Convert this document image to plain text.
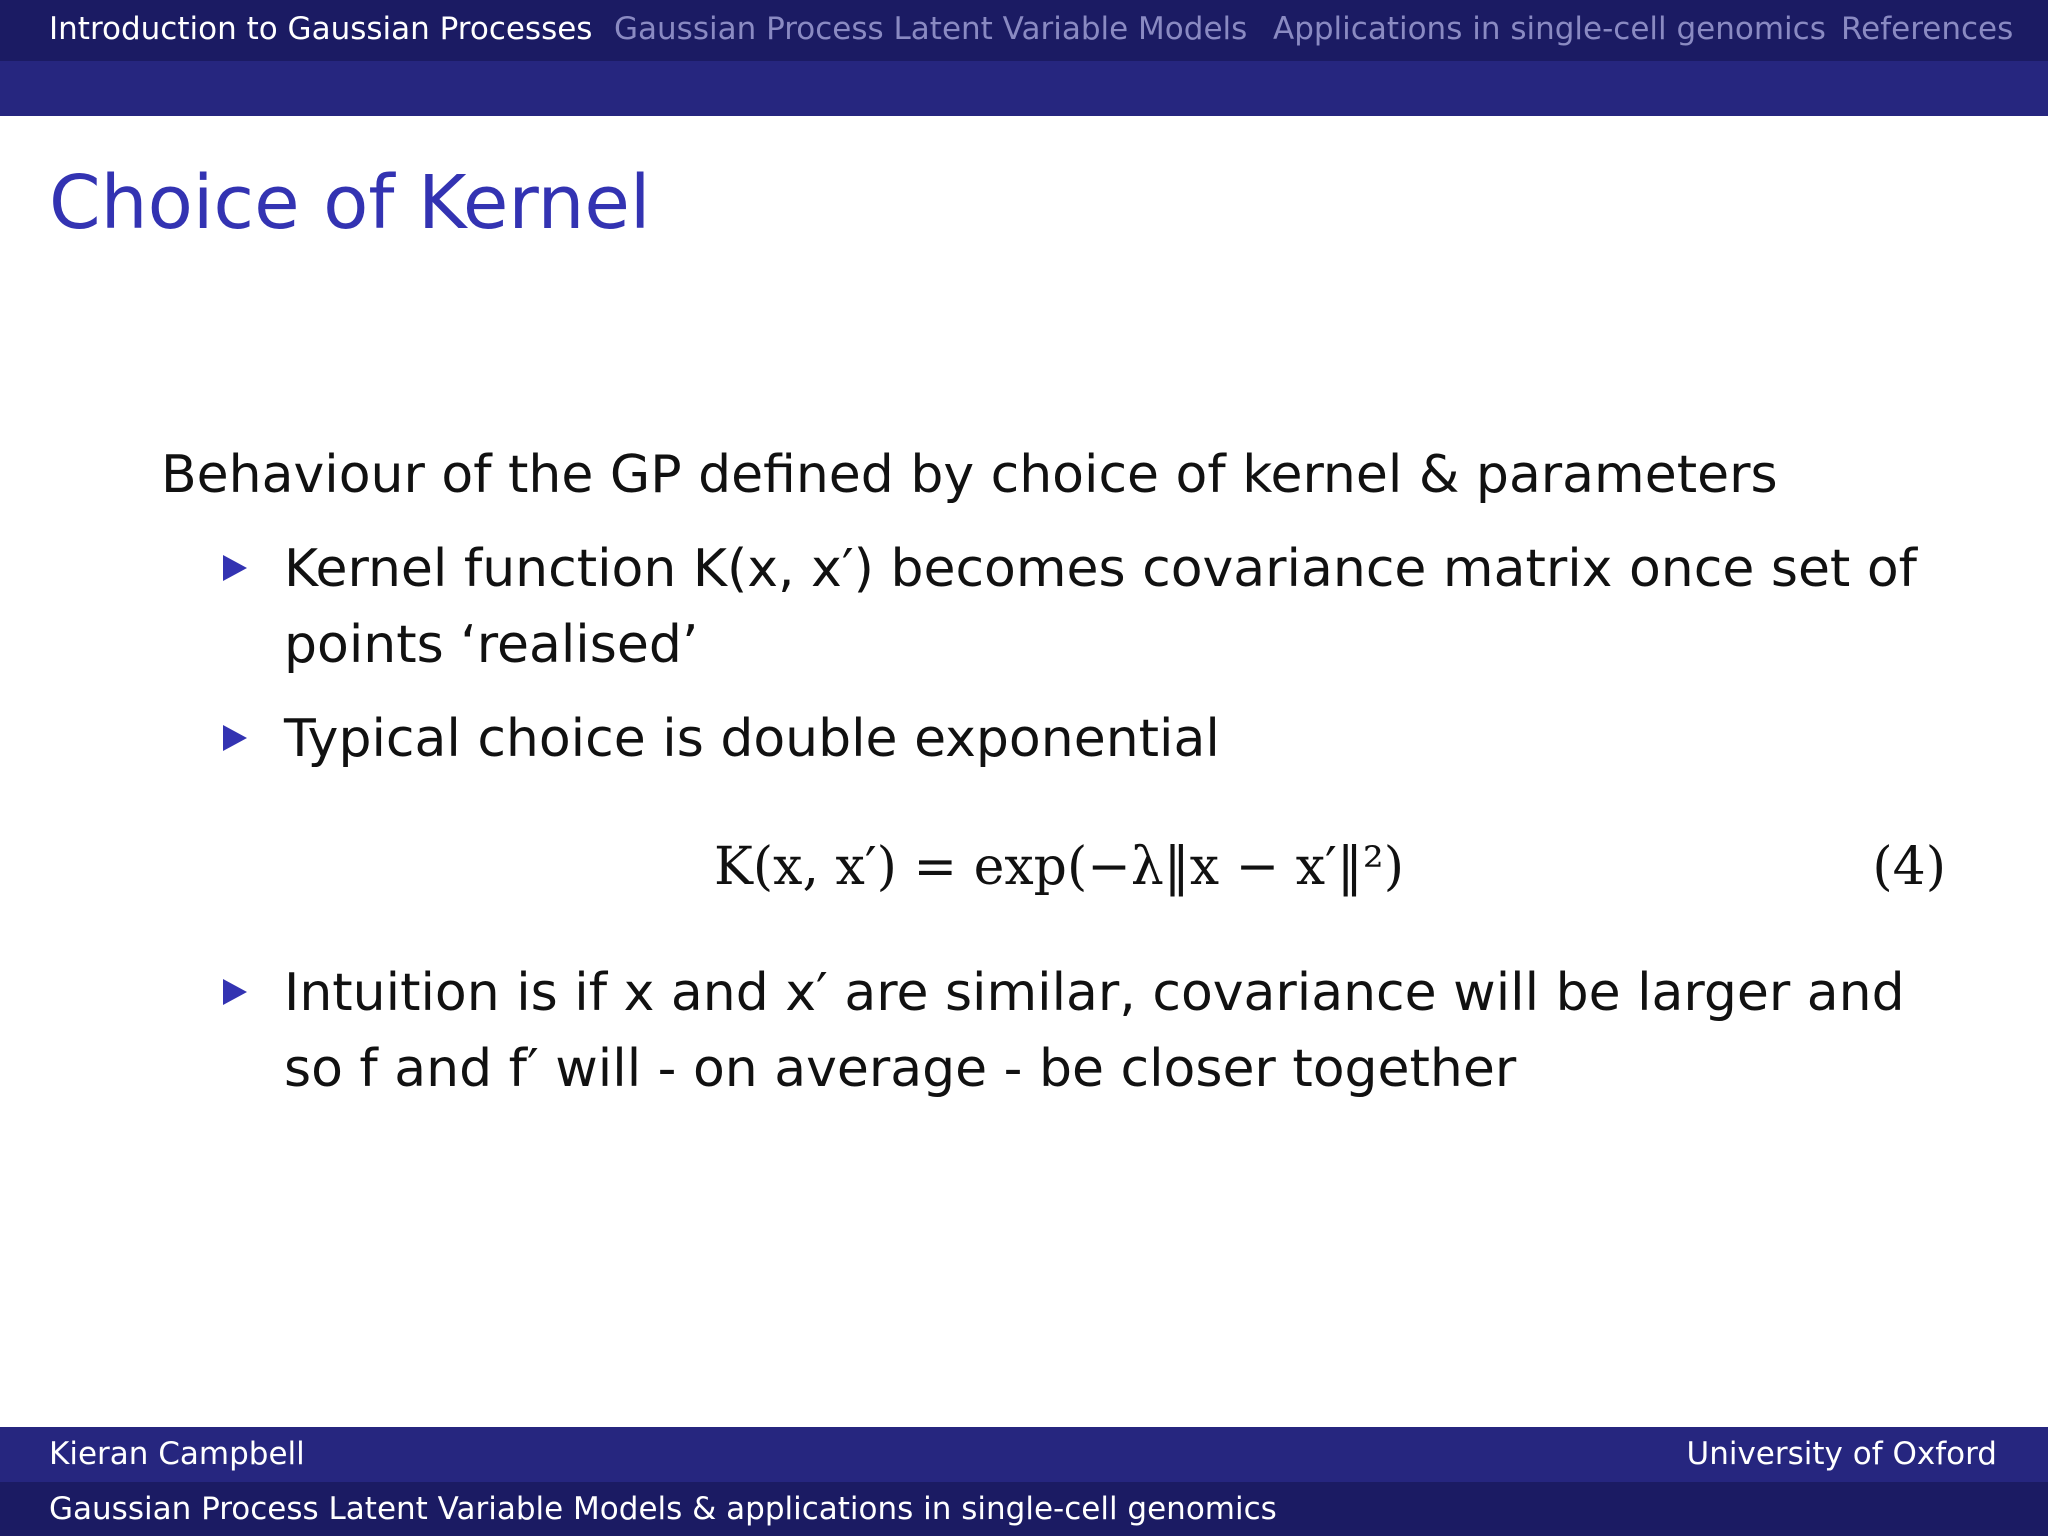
Introduction to Gaussian Processes Gaussian Process Latent Variable Models Applications in single-cell genomics References
Choice of Kernel

Behaviour of the GP defined by choice of kernel & parameters

Kernel function K(x, x′) becomes covariance matrix once set of points ‘realised’
Typical choice is double exponential
K(x, x′) = exp(−λ‖x − x′‖²)	(4)
Intuition is if x and x′ are similar, covariance will be larger and so f and f′ will - on average - be closer together
Kieran Campbell	University of Oxford
Gaussian Process Latent Variable Models & applications in single-cell genomics
